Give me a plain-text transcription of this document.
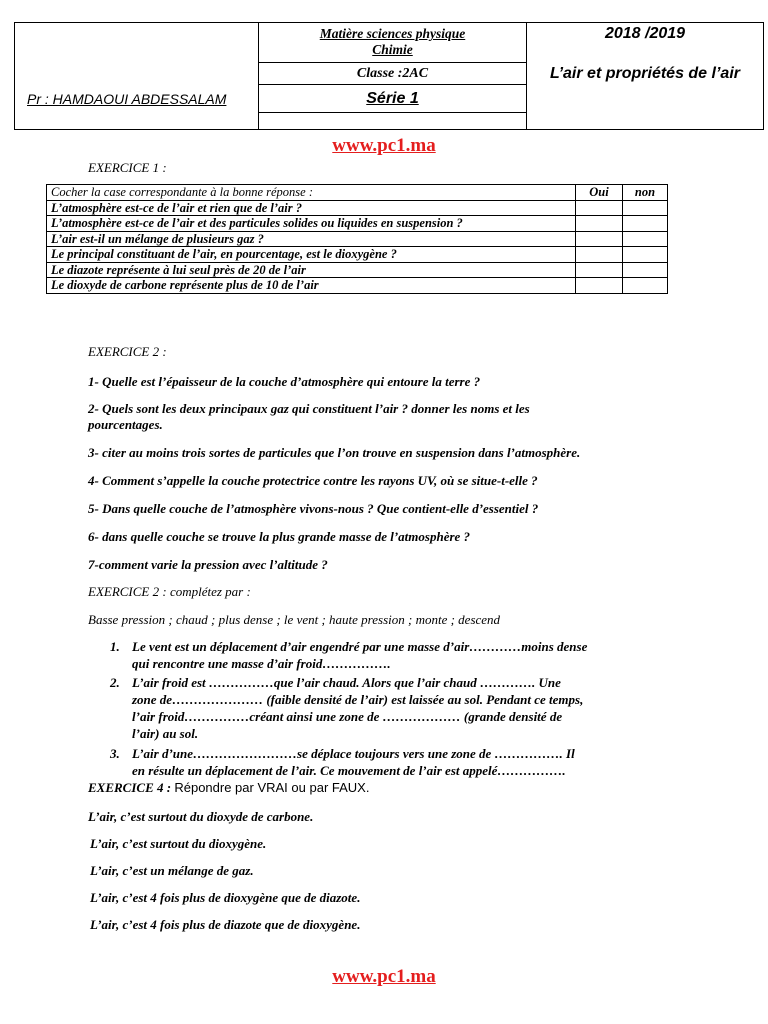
Pr : HAMDAOUI ABDESSALAM
Matière sciences physique
Chimie
Classe :2AC
Série 1
2018 /2019
L’air et propriétés de l’air
www.pc1.ma
EXERCICE 1 :
Cocher la case correspondante à la bonne réponse :	Oui	non
L’atmosphère est-ce de l’air et rien que de l’air ?		
L’atmosphère est-ce de l’air et des particules solides ou liquides en suspension ?		
L’air est-il un mélange de plusieurs gaz ?		
Le principal constituant de l’air, en pourcentage, est le dioxygène ?		
Le diazote représente à lui seul près de 20 de l’air		
Le dioxyde de carbone représente plus de 10 de l’air		
EXERCICE 2 :
1- Quelle est l’épaisseur de la couche d’atmosphère qui entoure la terre ?
2- Quels sont les deux principaux gaz qui constituent l’air ? donner les noms et les
pourcentages.
3- citer au moins trois sortes de particules que l’on trouve en suspension dans l’atmosphère.
4- Comment s’appelle la couche protectrice contre les rayons UV, où se situe-t-elle ?
5- Dans quelle couche de l’atmosphère vivons-nous ? Que contient-elle d’essentiel ?
6- dans quelle couche se trouve la plus grande masse de l’atmosphère ?
7-comment varie la pression avec l’altitude ?
EXERCICE 2 : complétez par :
Basse pression ; chaud ; plus dense ; le vent ; haute pression ; monte ; descend
1. Le vent est un déplacement d’air engendré par une masse d’air…………moins dense
qui rencontre une masse d’air froid…………….
2. L’air froid est ……………que l’air chaud. Alors que l’air chaud …………. Une
zone de………………… (faible densité de l’air) est laissée au sol. Pendant ce temps,
l’air froid……………créant ainsi une zone de ……………… (grande densité de
l’air) au sol.
3. L’air d’une……………………se déplace toujours vers une zone de ……………. Il
en résulte un déplacement de l’air. Ce mouvement de l’air est appelé…………….
EXERCICE 4 : Répondre par VRAI ou par FAUX.
L’air, c’est surtout du dioxyde de carbone.
L’air, c’est surtout du dioxygène.
L’air, c’est un mélange de gaz.
L’air, c’est 4 fois plus de dioxygène que de diazote.
L’air, c’est 4 fois plus de diazote que de dioxygène.
www.pc1.ma
